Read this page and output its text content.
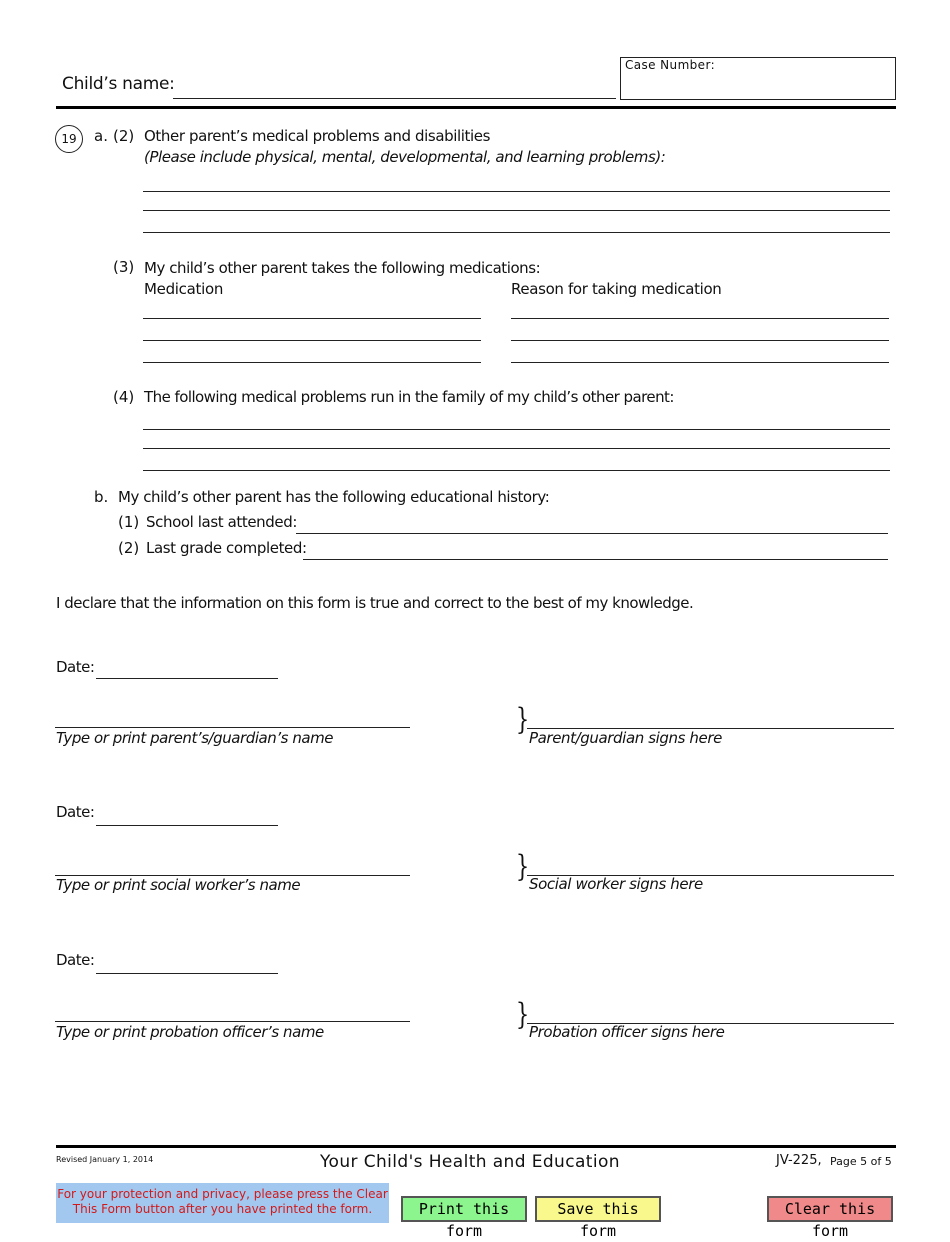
Child’s name:
Case Number:
19	a. (2) Other parent’s medical problems and disabilities
(Please include physical, mental, developmental, and learning problems):
(3) My child’s other parent takes the following medications:
Medication	Reason for taking medication
(4) The following medical problems run in the family of my child’s other parent:
b. My child’s other parent has the following educational history:
(1) School last attended:
(2) Last grade completed:
I declare that the information on this form is true and correct to the best of my knowledge.
Date:
Type or print parent’s/guardian’s name
}
Parent/guardian signs here
Date:
Type or print social worker’s name
} Social worker signs here
Date:
Type or print probation officer’s name	} Probation officer signs here
Revised January 1, 2014	Your Child's Health and Education	JV-225, Page 5 of 5
For your protection and privacy, please press the Clear
This Form button after you have printed the form.	Print this form
Save this form
Clear this form
